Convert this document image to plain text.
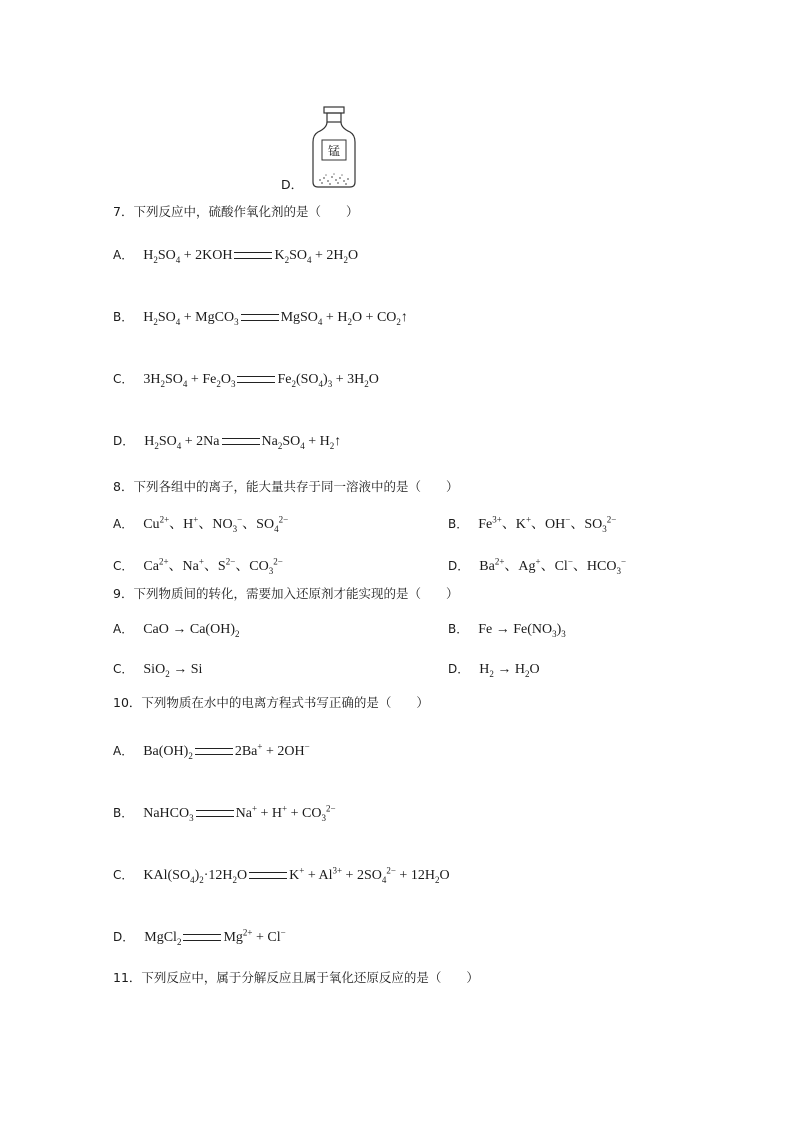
D．
锰
7．下列反应中，硫酸作氧化剂的是（　　）
A． $H_2SO_4 + 2KOH$	$K_2SO_4 + 2H_2O$
B． $H_2SO_4$ + MgCO$_3$	MgSO$_4$ + $H_2O$ + $CO_2↑$
C． $3H_2SO_4 + Fe_2O_3$	$Fe_2(SO_4)_3 + 3H_2O$
D． $H_2SO_4 + 2Na$	$Na_2SO_4$ + $H_2↑$
8．下列各组中的离子，能大量共存于同一溶液中的是（　　）
A． $Cu^{2+}$、H+、$NO_3^-$、$SO_4^{2-}$	B． $Fe^{3+}$、K+、OH−、$SO_3^{2-}$
C． $Ca^{2+}$、Na+、$S^{2-}$、$CO_3^{2-}$	D． $Ba^{2+}$、Ag+、Cl−、$HCO_3^-$
9．下列物质间的转化，需要加入还原剂才能实现的是（　　）
A． CaO → $Ca(OH)_2$	B． $Fe \to Fe(NO_3)_3$
C． SiO$_2$ → Si	D． $H_2 \to H_2O$
10．下列物质在水中的电离方程式书写正确的是（　　）
A． $Ba(OH)_2$	2Ba+ + 2OH−
B． NaHCO$_3$	$Na^+ + H^+ + CO_3^{2-}$
C． $KAl(SO_4)_2\cdot 12H_2O$	$K^+ + Al^{3+} + 2SO_4^{2-} + 12H_2O$
D． MgCl$_2$	$Mg^{2+} + Cl^-$
11．下列反应中，属于分解反应且属于氧化还原反应的是（　　）
